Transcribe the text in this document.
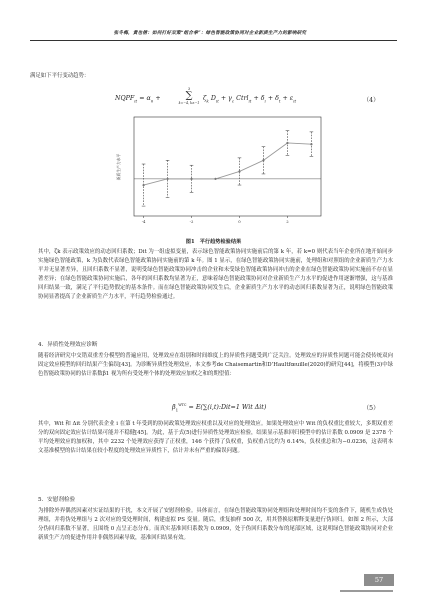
张冬梅，黄也倩：如何打好双策“组合拳”：绿色智能政策协同对企业新质生产力的影响研究

满足如下平行变动趋势：

$NQPF_{it} = \alpha_0$ +
3
∑
k=−4, k≠−1
$\zeta_k$ $D_{it} + \gamma_c$ Ctrl$_{it}$ + $\delta_i + \delta_t + \varepsilon_{it}$	（4）
新质生产力水平
-4	-2	0	2
图1　平行趋势检验结果

其中，ζk 表示政策效应的动态回归系数；Dit 为一组虚拟变量，表示绿色智能政策协同实施前后的第 k 年，若 k=0 则代表当年企业所在地开始同步实施绿色智能政策，k 为负数代表绿色智能政策协同实施前的第 k 年。图 1 显示，在绿色智能政策协同实施前，处理组和对照组的企业新质生产力水平并无显著差异，且回归系数不显著，说明受绿色智能政策协同冲击的企业和未受绿色智能政策协同冲击的企业在绿色智能政策协同实施前不存在显著差异；在绿色智能政策协同实施后，各年的回归系数均显著为正，意味着绿色智能政策协同对企业新质生产力水平的促进作用逐渐增强，这与基准回归结果一致，满足了平行趋势假定的基本条件。而在绿色智能政策协同发生后，企业新质生产力水平的动态回归系数显著为正，说明绿色智能政策协同显著提高了企业新质生产力水平，平行趋势检验通过。

4．异质性处理效应诊断

随着经济研究中交错双重差分模型的普遍应用，处理效应在组别和时间维度上的异质性问题受到广泛关注。处理效应的异质性问题可能会使传统双向固定效应模型的回归结果产生偏误[43]。为诊断异质性处理效应，本文参考de Chaisemartin和D’Haultfœuille(2020)的研究[44]，将模型(3)中绿色智能政策协同的估计系数β1 视为所有受处理个体的处理效应加权之和的期望值：

$\beta_1^{WTC}$ = E(∑(i,t):Dit=1 Wit Δit)	（5）

其中，Wit 和 Δit 分别代表企业 i 在第 t 年受到的协同政策处理效应权重以及对应的处理效应。如果处理效应中 Wit 的负权重比重较大，多期双重差分的双向固定效应估计结果可能并不稳健[45]。为此，基于式(5)进行异质性处理效应检验，结果显示基准回归模型中的估计系数 0.0909 是 2378 个平均处理效应的加权和，其中 2232 个处理效应获得了正权重，146 个获得了负权重，负权重占比约为 6.14%，负权重总和为−0.0236，这表明本文基准模型的估计结果在较小程度的处理效应异质性下，估计并未有严重的偏误问题。

5．安慰剂检验

为排除外界偶然因素对实证结果的干扰，本文开展了安慰剂检验。具体而言，在绿色智能政策协同处理组和处理时间均不变的条件下，随机生成伪处理组，并将伪处理组与 2 次对应的受处理时间，构建虚拟 PS 变量。随后，重复抽样 500 次，用其替换原解释变量进行伪回归。如图 2 所示，大部分伪回归系数不显著，且围绕 0 点呈正态分布。而真实基准回归系数为 0.0909，处于伪回归系数分布的尾部区域，这说明绿色智能政策协同对企业新质生产力的促进作用并非偶然因素导致，基准回归结果有效。

57
